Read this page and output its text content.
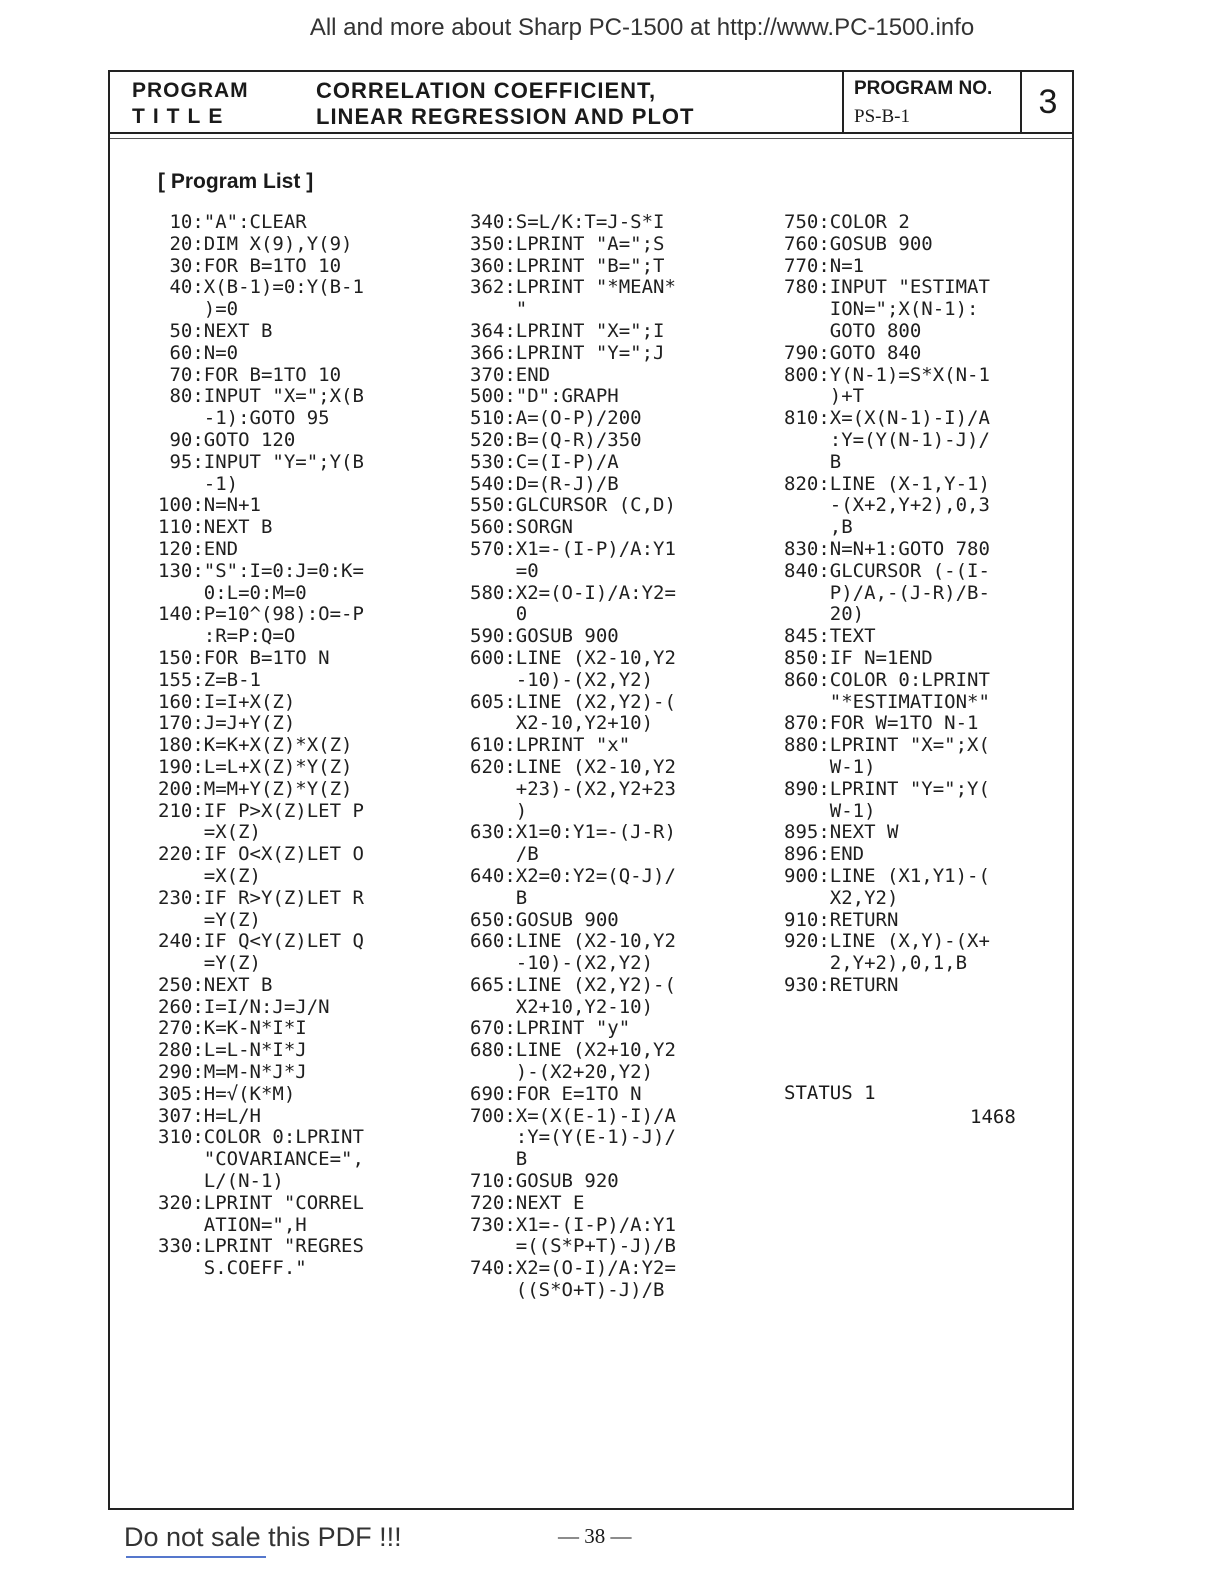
All and more about Sharp PC-1500 at http://www.PC-1500.info
PROGRAM
TITLE
CORRELATION COEFFICIENT,
LINEAR REGRESSION AND PLOT
PROGRAM NO.
PS-B-1	3
[ Program List ]
10:"A":CLEAR
20:DIM X(9),Y(9)
30:FOR B=1TO 10
40:X(B-1)=0:Y(B-1
)=0
50:NEXT B
60:N=0
70:FOR B=1TO 10
80:INPUT "X=";X(B
-1):GOTO 95
90:GOTO 120
95:INPUT "Y=";Y(B
-1)
100:N=N+1
110:NEXT B
120:END
130:"S":I=0:J=0:K=
0:L=0:M=0
140:P=10^(98):O=-P
:R=P:Q=O
150:FOR B=1TO N
155:Z=B-1
160:I=I+X(Z)
170:J=J+Y(Z)
180:K=K+X(Z)*X(Z)
190:L=L+X(Z)*Y(Z)
200:M=M+Y(Z)*Y(Z)
210:IF P>X(Z)LET P
=X(Z)
220:IF O<X(Z)LET O
=X(Z)
230:IF R>Y(Z)LET R
=Y(Z)
240:IF Q<Y(Z)LET Q
=Y(Z)
250:NEXT B
260:I=I/N:J=J/N
270:K=K-N*I*I
280:L=L-N*I*J
290:M=M-N*J*J
305:H=√(K*M)
307:H=L/H
310:COLOR 0:LPRINT
"COVARIANCE=",
L/(N-1)
320:LPRINT "CORREL
ATION=",H
330:LPRINT "REGRES
S.COEFF."
340:S=L/K:T=J-S*I
350:LPRINT "A=";S
360:LPRINT "B=";T
362:LPRINT "*MEAN*
"
364:LPRINT "X=";I
366:LPRINT "Y=";J
370:END
500:"D":GRAPH
510:A=(O-P)/200
520:B=(Q-R)/350
530:C=(I-P)/A
540:D=(R-J)/B
550:GLCURSOR (C,D)
560:SORGN
570:X1=-(I-P)/A:Y1
=0
580:X2=(O-I)/A:Y2=
0
590:GOSUB 900
600:LINE (X2-10,Y2
-10)-(X2,Y2)
605:LINE (X2,Y2)-(
X2-10,Y2+10)
610:LPRINT "x"
620:LINE (X2-10,Y2
+23)-(X2,Y2+23
)
630:X1=0:Y1=-(J-R)
/B
640:X2=0:Y2=(Q-J)/
B
650:GOSUB 900
660:LINE (X2-10,Y2
-10)-(X2,Y2)
665:LINE (X2,Y2)-(
X2+10,Y2-10)
670:LPRINT "y"
680:LINE (X2+10,Y2
)-(X2+20,Y2)
690:FOR E=1TO N
700:X=(X(E-1)-I)/A
:Y=(Y(E-1)-J)/
B
710:GOSUB 920
720:NEXT E
730:X1=-(I-P)/A:Y1
=((S*P+T)-J)/B
740:X2=(O-I)/A:Y2=
((S*O+T)-J)/B
750:COLOR 2
760:GOSUB 900
770:N=1
780:INPUT "ESTIMAT
ION=";X(N-1):
GOTO 800
790:GOTO 840
800:Y(N-1)=S*X(N-1
)+T
810:X=(X(N-1)-I)/A
:Y=(Y(N-1)-J)/
B
820:LINE (X-1,Y-1)
-(X+2,Y+2),0,3
,B
830:N=N+1:GOTO 780
840:GLCURSOR (-(I-
P)/A,-(J-R)/B-
20)
845:TEXT
850:IF N=1END
860:COLOR 0:LPRINT
"*ESTIMATION*"
870:FOR W=1TO N-1
880:LPRINT "X=";X(
W-1)
890:LPRINT "Y=";Y(
W-1)
895:NEXT W
896:END
900:LINE (X1,Y1)-(
X2,Y2)
910:RETURN
920:LINE (X,Y)-(X+
2,Y+2),0,1,B
930:RETURN
STATUS 1
1468
Do not sale this PDF !!!	— 38 —
